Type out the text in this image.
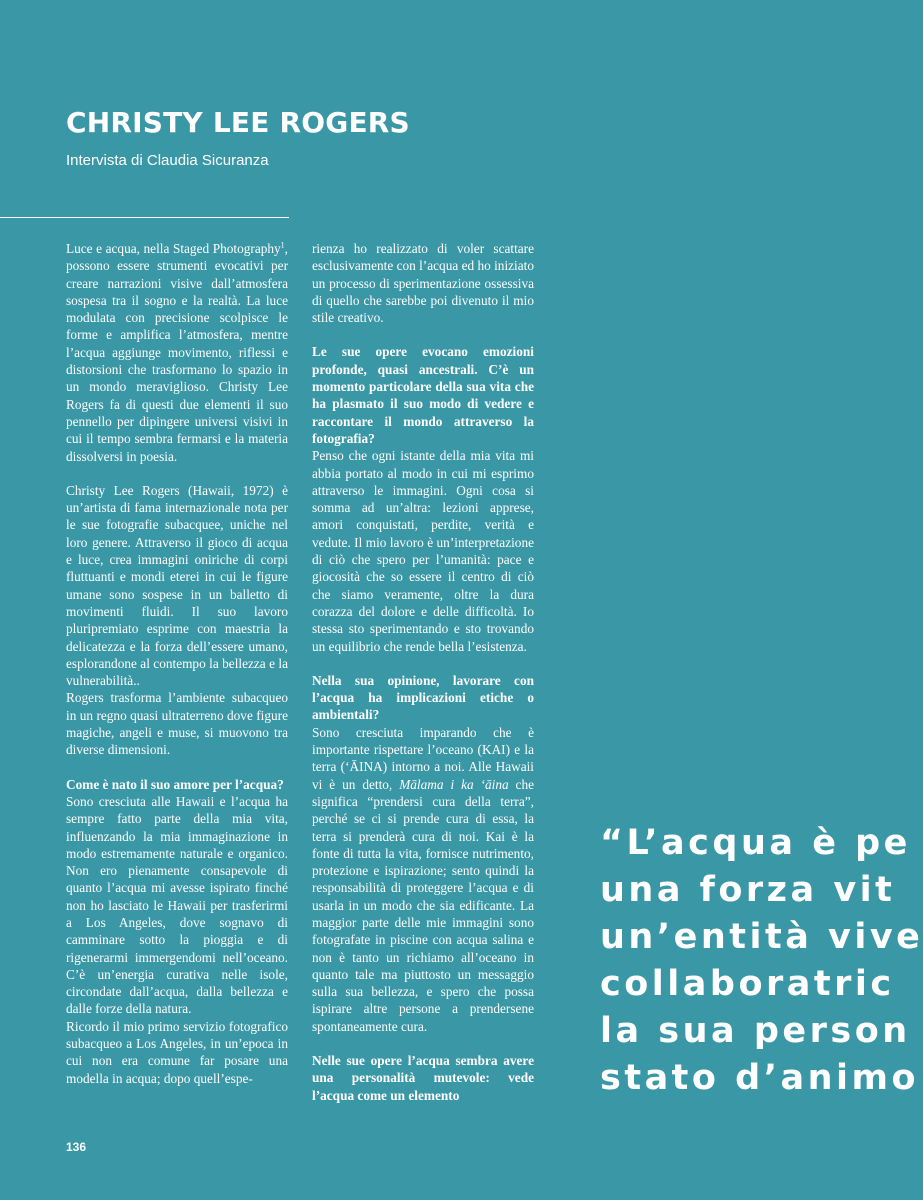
CHRISTY LEE ROGERS
Intervista di Claudia Sicuranza

Luce e acqua, nella Staged Photography$^1$, possono essere strumenti evocativi per creare narrazioni visive dall’atmosfera sospesa tra il sogno e la realtà. La luce modulata con precisione scolpisce le forme e amplifica l’atmosfera, mentre l’acqua aggiunge movimento, riflessi e distorsioni che trasformano lo spazio in un mondo meraviglioso. Christy Lee Rogers fa di questi due elementi il suo pennello per dipingere universi visivi in cui il tempo sembra fermarsi e la materia dissolversi in poesia.

Christy Lee Rogers (Hawaii, 1972) è un’artista di fama internazionale nota per le sue fotografie subacquee, uniche nel loro genere. Attraverso il gioco di acqua e luce, crea immagini oniriche di corpi fluttuanti e mondi eterei in cui le figure umane sono sospese in un balletto di movimenti fluidi. Il suo lavoro pluripremiato esprime con maestria la delicatezza e la forza dell’essere umano, esplorandone al contempo la bellezza e la vulnerabilità..

Rogers trasforma l’ambiente subacqueo in un regno quasi ultraterreno dove figure magiche, angeli e muse, si muovono tra diverse dimensioni.

Come è nato il suo amore per l’acqua?

Sono cresciuta alle Hawaii e l’acqua ha sempre fatto parte della mia vita, influenzando la mia immaginazione in modo estremamente naturale e organico. Non ero pienamente consapevole di quanto l’acqua mi avesse ispirato finché non ho lasciato le Hawaii per trasferirmi a Los Angeles, dove sognavo di camminare sotto la pioggia e di rigenerarmi immergendomi nell’oceano. C’è un’energia curativa nelle isole, circondate dall’acqua, dalla bellezza e dalle forze della natura.

Ricordo il mio primo servizio fotografico subacqueo a Los Angeles, in un’epoca in cui non era comune far posare una modella in acqua; dopo quell’espe-

rienza ho realizzato di voler scattare esclusivamente con l’acqua ed ho iniziato un processo di sperimentazione ossessiva di quello che sarebbe poi divenuto il mio stile creativo.

Le sue opere evocano emozioni profonde, quasi ancestrali. C’è un momento particolare della sua vita che ha plasmato il suo modo di vedere e raccontare il mondo attraverso la fotografia?

Penso che ogni istante della mia vita mi abbia portato al modo in cui mi esprimo attraverso le immagini. Ogni cosa si somma ad un’altra: lezioni apprese, amori conquistati, perdite, verità e vedute. Il mio lavoro è un’interpretazione di ciò che spero per l’umanità: pace e giocosità che so essere il centro di ciò che siamo veramente, oltre la dura corazza del dolore e delle difficoltà. Io stessa sto sperimentando e sto trovando un equilibrio che rende bella l’esistenza.

Nella sua opinione, lavorare con l’acqua ha implicazioni etiche o ambientali?

Sono cresciuta imparando che è importante rispettare l’oceano (KAI) e la terra (ʻĀINA) intorno a noi. Alle Hawaii vi è un detto, Mālama i ka ʻāina che significa “prendersi cura della terra”, perché se ci si prende cura di essa, la terra si prenderà cura di noi. Kai è la fonte di tutta la vita, fornisce nutrimento, protezione e ispirazione; sento quindi la responsabilità di proteggere l’acqua e di usarla in un modo che sia edificante. La maggior parte delle mie immagini sono fotografate in piscine con acqua salina e non è tanto un richiamo all’oceano in quanto tale ma piuttosto un messaggio sulla sua bellezza, e spero che possa ispirare altre persone a prendersene spontaneamente cura.

Nelle sue opere l’acqua sembra avere una personalità mutevole: vede l’acqua come un elemento

“L’acqua è pe
una forza vit
un’entità vive
collaboratric
la sua person
stato d’animo
136
